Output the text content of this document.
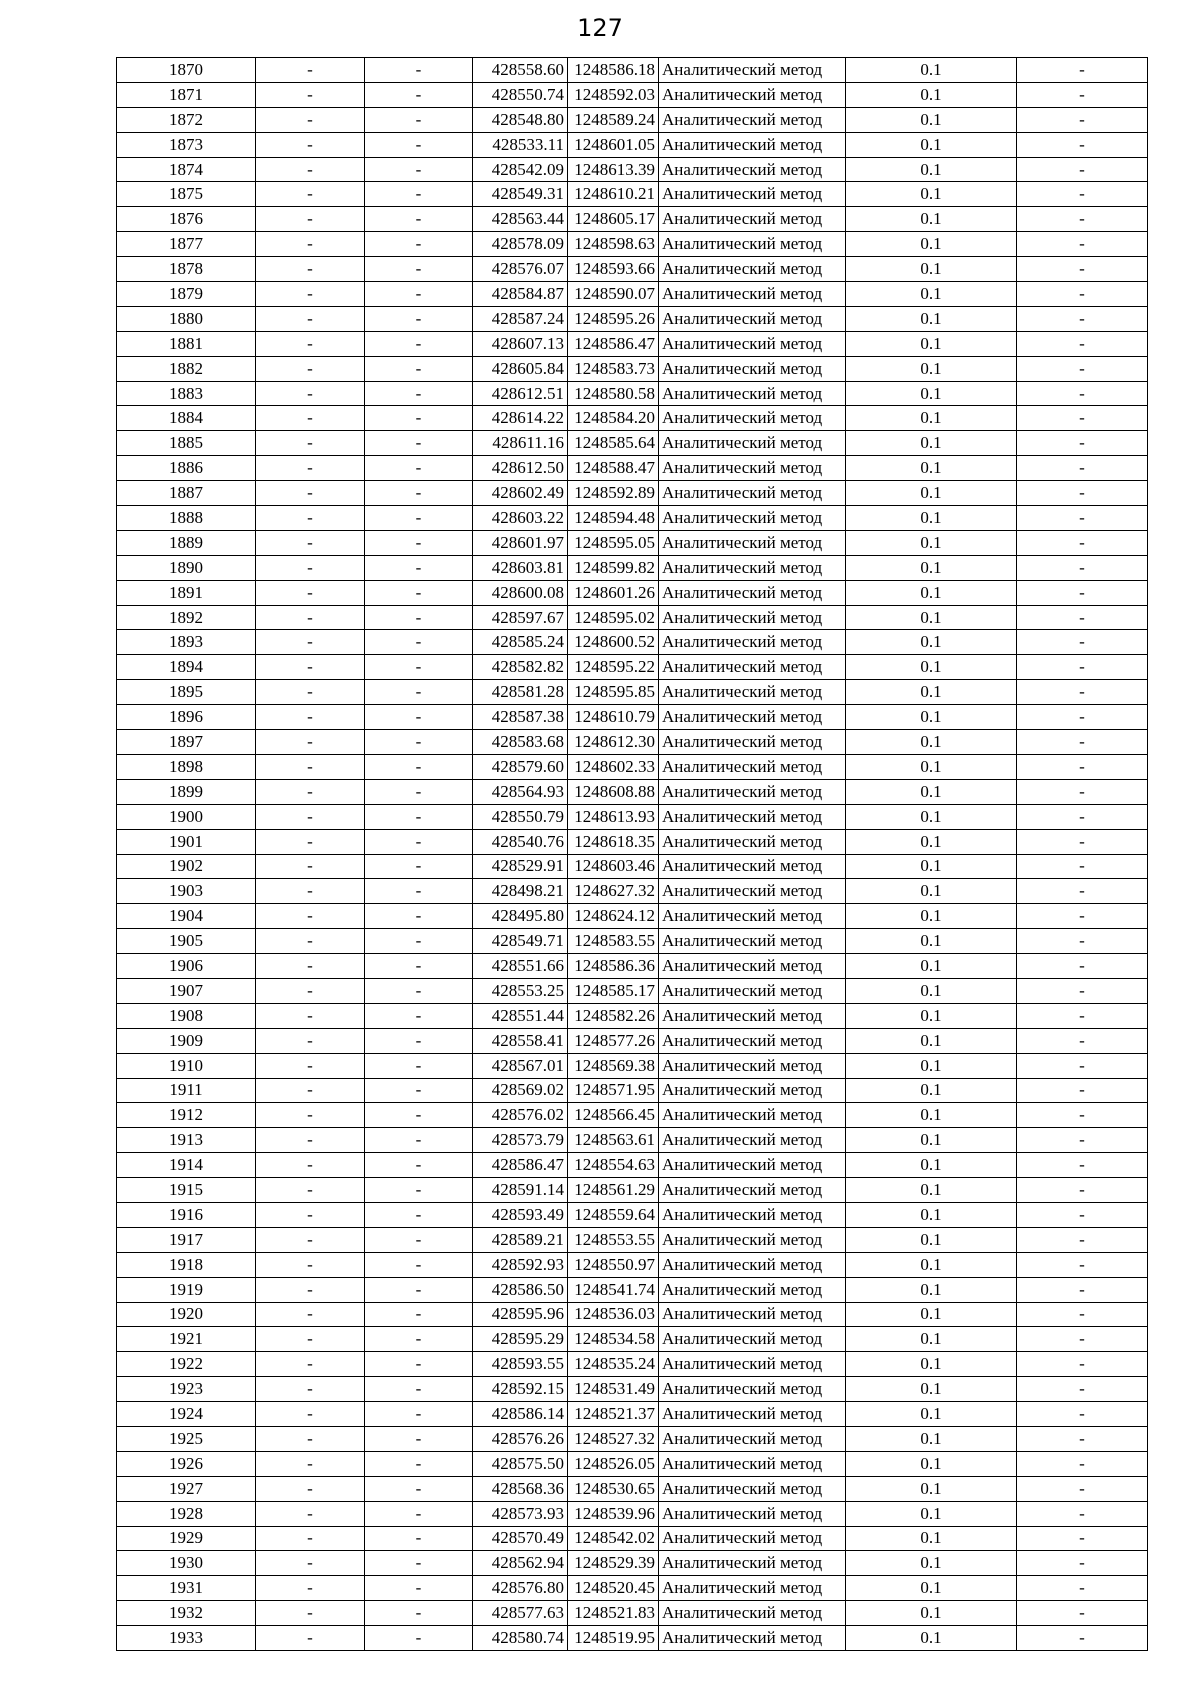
127
1870	-	-	428558.60	1248586.18	Аналитический метод	0.1	-
1871	-	-	428550.74	1248592.03	Аналитический метод	0.1	-
1872	-	-	428548.80	1248589.24	Аналитический метод	0.1	-
1873	-	-	428533.11	1248601.05	Аналитический метод	0.1	-
1874	-	-	428542.09	1248613.39	Аналитический метод	0.1	-
1875	-	-	428549.31	1248610.21	Аналитический метод	0.1	-
1876	-	-	428563.44	1248605.17	Аналитический метод	0.1	-
1877	-	-	428578.09	1248598.63	Аналитический метод	0.1	-
1878	-	-	428576.07	1248593.66	Аналитический метод	0.1	-
1879	-	-	428584.87	1248590.07	Аналитический метод	0.1	-
1880	-	-	428587.24	1248595.26	Аналитический метод	0.1	-
1881	-	-	428607.13	1248586.47	Аналитический метод	0.1	-
1882	-	-	428605.84	1248583.73	Аналитический метод	0.1	-
1883	-	-	428612.51	1248580.58	Аналитический метод	0.1	-
1884	-	-	428614.22	1248584.20	Аналитический метод	0.1	-
1885	-	-	428611.16	1248585.64	Аналитический метод	0.1	-
1886	-	-	428612.50	1248588.47	Аналитический метод	0.1	-
1887	-	-	428602.49	1248592.89	Аналитический метод	0.1	-
1888	-	-	428603.22	1248594.48	Аналитический метод	0.1	-
1889	-	-	428601.97	1248595.05	Аналитический метод	0.1	-
1890	-	-	428603.81	1248599.82	Аналитический метод	0.1	-
1891	-	-	428600.08	1248601.26	Аналитический метод	0.1	-
1892	-	-	428597.67	1248595.02	Аналитический метод	0.1	-
1893	-	-	428585.24	1248600.52	Аналитический метод	0.1	-
1894	-	-	428582.82	1248595.22	Аналитический метод	0.1	-
1895	-	-	428581.28	1248595.85	Аналитический метод	0.1	-
1896	-	-	428587.38	1248610.79	Аналитический метод	0.1	-
1897	-	-	428583.68	1248612.30	Аналитический метод	0.1	-
1898	-	-	428579.60	1248602.33	Аналитический метод	0.1	-
1899	-	-	428564.93	1248608.88	Аналитический метод	0.1	-
1900	-	-	428550.79	1248613.93	Аналитический метод	0.1	-
1901	-	-	428540.76	1248618.35	Аналитический метод	0.1	-
1902	-	-	428529.91	1248603.46	Аналитический метод	0.1	-
1903	-	-	428498.21	1248627.32	Аналитический метод	0.1	-
1904	-	-	428495.80	1248624.12	Аналитический метод	0.1	-
1905	-	-	428549.71	1248583.55	Аналитический метод	0.1	-
1906	-	-	428551.66	1248586.36	Аналитический метод	0.1	-
1907	-	-	428553.25	1248585.17	Аналитический метод	0.1	-
1908	-	-	428551.44	1248582.26	Аналитический метод	0.1	-
1909	-	-	428558.41	1248577.26	Аналитический метод	0.1	-
1910	-	-	428567.01	1248569.38	Аналитический метод	0.1	-
1911	-	-	428569.02	1248571.95	Аналитический метод	0.1	-
1912	-	-	428576.02	1248566.45	Аналитический метод	0.1	-
1913	-	-	428573.79	1248563.61	Аналитический метод	0.1	-
1914	-	-	428586.47	1248554.63	Аналитический метод	0.1	-
1915	-	-	428591.14	1248561.29	Аналитический метод	0.1	-
1916	-	-	428593.49	1248559.64	Аналитический метод	0.1	-
1917	-	-	428589.21	1248553.55	Аналитический метод	0.1	-
1918	-	-	428592.93	1248550.97	Аналитический метод	0.1	-
1919	-	-	428586.50	1248541.74	Аналитический метод	0.1	-
1920	-	-	428595.96	1248536.03	Аналитический метод	0.1	-
1921	-	-	428595.29	1248534.58	Аналитический метод	0.1	-
1922	-	-	428593.55	1248535.24	Аналитический метод	0.1	-
1923	-	-	428592.15	1248531.49	Аналитический метод	0.1	-
1924	-	-	428586.14	1248521.37	Аналитический метод	0.1	-
1925	-	-	428576.26	1248527.32	Аналитический метод	0.1	-
1926	-	-	428575.50	1248526.05	Аналитический метод	0.1	-
1927	-	-	428568.36	1248530.65	Аналитический метод	0.1	-
1928	-	-	428573.93	1248539.96	Аналитический метод	0.1	-
1929	-	-	428570.49	1248542.02	Аналитический метод	0.1	-
1930	-	-	428562.94	1248529.39	Аналитический метод	0.1	-
1931	-	-	428576.80	1248520.45	Аналитический метод	0.1	-
1932	-	-	428577.63	1248521.83	Аналитический метод	0.1	-
1933	-	-	428580.74	1248519.95	Аналитический метод	0.1	-
